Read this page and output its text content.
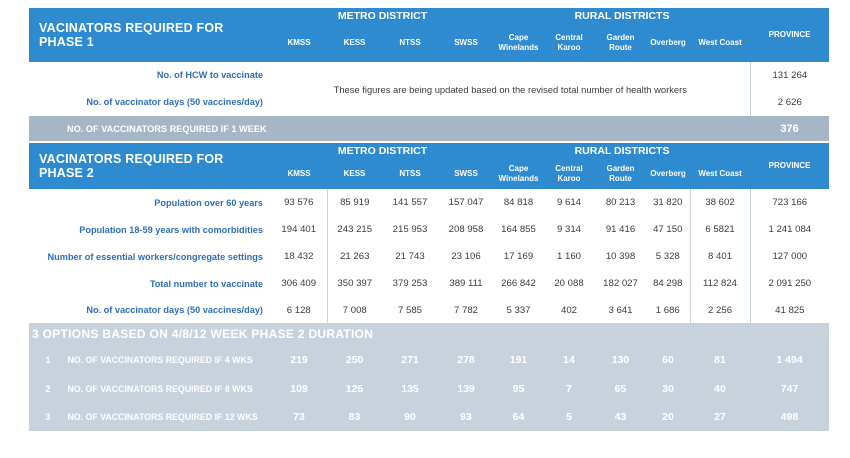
VACINATORS REQUIRED FOR PHASE 1	METRO DISTRICT				RURAL DISTRICTS					PROVINCE
	KMSS	KESS	NTSS	SWSS	Cape Winelands	Central Karoo	Garden Route	Overberg	West Coast	
No. of HCW to vaccinate	These figures are being updated based on the revised total number of health workers									131 264
No. of vaccinator days (50 vaccines/day)										2 626
NO. OF VACCINATORS REQUIRED IF 1 WEEK										376

VACINATORS REQUIRED FOR PHASE 2	METRO DISTRICT				RURAL DISTRICTS					PROVINCE
	KMSS	KESS	NTSS	SWSS	Cape Winelands	Central Karoo	Garden Route	Overberg	West Coast	
Population over 60 years	93 576	85 919	141 557	157 047	84 818	9 614	80 213	31 820	38 602	723 166
Population 18-59 years with comorbidities	194 401	243 215	215 953	208 958	164 855	9 314	91 416	47 150	6 5821	1 241 084
Number of essential workers/congregate settings	18 432	21 263	21 743	23 106	17 169	1 160	10 398	5 328	8 401	127 000
Total number to vaccinate	306 409	350 397	379 253	389 111	266 842	20 088	182 027	84 298	112 824	2 091 250
No. of vaccinator days (50 vaccines/day)	6 128	7 008	7 585	7 782	5 337	402	3 641	1 686	2 256	41 825
3 OPTIONS BASED ON 4/8/12 WEEK PHASE 2 DURATION										
1 NO. OF VACCINATORS REQUIRED IF 4 WKS	219	250	271	278	191	14	130	60	81	1 494
2 NO. OF VACCINATORS REQUIRED IF 8 WKS	109	125	135	139	95	7	65	30	40	747
3 NO. OF VACCINATORS REQUIRED IF 12 WKS	73	83	90	93	64	5	43	20	27	498
